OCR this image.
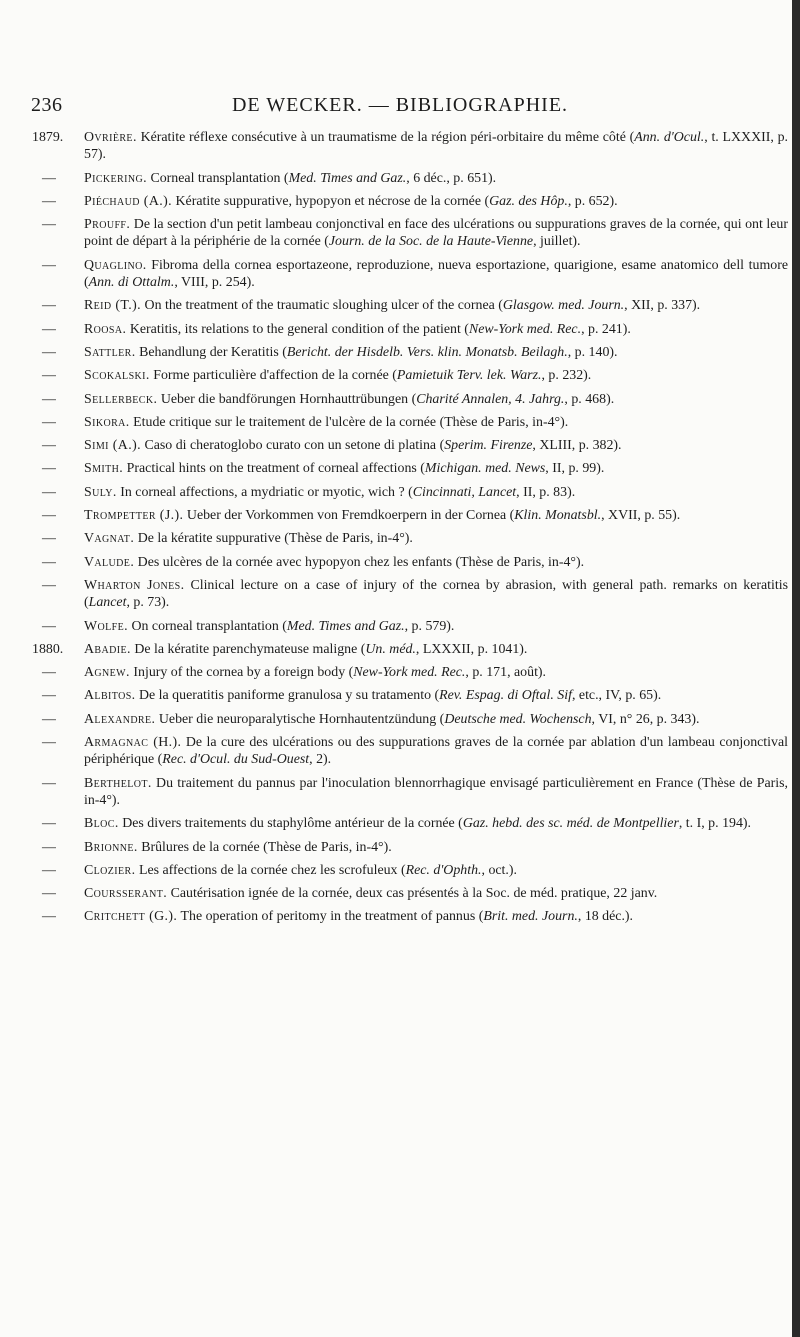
236	DE WECKER. — BIBLIOGRAPHIE.
1879.	Ovrière. Kératite réflexe consécutive à un traumatisme de la région péri-orbitaire du même côté (Ann. d'Ocul., t. LXXXII, p. 57).
—	Pickering. Corneal transplantation (Med. Times and Gaz., 6 déc., p. 651).
—	Piéchaud (A.). Kératite suppurative, hypopyon et nécrose de la cornée (Gaz. des Hôp., p. 652).
—	Prouff. De la section d'un petit lambeau conjonctival en face des ulcérations ou suppurations graves de la cornée, qui ont leur point de départ à la périphérie de la cornée (Journ. de la Soc. de la Haute-Vienne, juillet).
—	Quaglino. Fibroma della cornea esportazeone, reproduzione, nueva esportazione, quarigione, esame anatomico dell tumore (Ann. di Ottalm., VIII, p. 254).
—	Reid (T.). On the treatment of the traumatic sloughing ulcer of the cornea (Glasgow. med. Journ., XII, p. 337).
—	Roosa. Keratitis, its relations to the general condition of the patient (New-York med. Rec., p. 241).
—	Sattler. Behandlung der Keratitis (Bericht. der Hisdelb. Vers. klin. Monatsb. Beilagh., p. 140).
—	Scokalski. Forme particulière d'affection de la cornée (Pamietuik Terv. lek. Warz., p. 232).
—	Sellerbeck. Ueber die bandförungen Hornhauttrübungen (Charité Annalen, 4. Jahrg., p. 468).
—	Sikora. Etude critique sur le traitement de l'ulcère de la cornée (Thèse de Paris, in-4°).
—	Simi (A.). Caso di cheratoglobo curato con un setone di platina (Sperim. Firenze, XLIII, p. 382).
—	Smith. Practical hints on the treatment of corneal affections (Michigan. med. News, II, p. 99).
—	Suly. In corneal affections, a mydriatic or myotic, wich ? (Cincinnati, Lancet, II, p. 83).
—	Trompetter (J.). Ueber der Vorkommen von Fremdkoerpern in der Cornea (Klin. Monatsbl., XVII, p. 55).
—	Vagnat. De la kératite suppurative (Thèse de Paris, in-4°).
—	Valude. Des ulcères de la cornée avec hypopyon chez les enfants (Thèse de Paris, in-4°).
—	Wharton Jones. Clinical lecture on a case of injury of the cornea by abrasion, with general path. remarks on keratitis (Lancet, p. 73).
—	Wolfe. On corneal transplantation (Med. Times and Gaz., p. 579).
1880.	Abadie. De la kératite parenchymateuse maligne (Un. méd., LXXXII, p. 1041).
—	Agnew. Injury of the cornea by a foreign body (New-York med. Rec., p. 171, août).
—	Albitos. De la queratitis paniforme granulosa y su tratamento (Rev. Espag. di Oftal. Sif, etc., IV, p. 65).
—	Alexandre. Ueber die neuroparalytische Hornhautentzündung (Deutsche med. Wochensch, VI, n° 26, p. 343).
—	Armagnac (H.). De la cure des ulcérations ou des suppurations graves de la cornée par ablation d'un lambeau conjonctival périphérique (Rec. d'Ocul. du Sud-Ouest, 2).
—	Berthelot. Du traitement du pannus par l'inoculation blennorrhagique envisagé particulièrement en France (Thèse de Paris, in-4°).
—	Bloc. Des divers traitements du staphylôme antérieur de la cornée (Gaz. hebd. des sc. méd. de Montpellier, t. I, p. 194).
—	Brionne. Brûlures de la cornée (Thèse de Paris, in-4°).
—	Clozier. Les affections de la cornée chez les scrofuleux (Rec. d'Ophth., oct.).
—	Coursserant. Cautérisation ignée de la cornée, deux cas présentés à la Soc. de méd. pratique, 22 janv.
—	Critchett (G.). The operation of peritomy in the treatment of pannus (Brit. med. Journ., 18 déc.).
